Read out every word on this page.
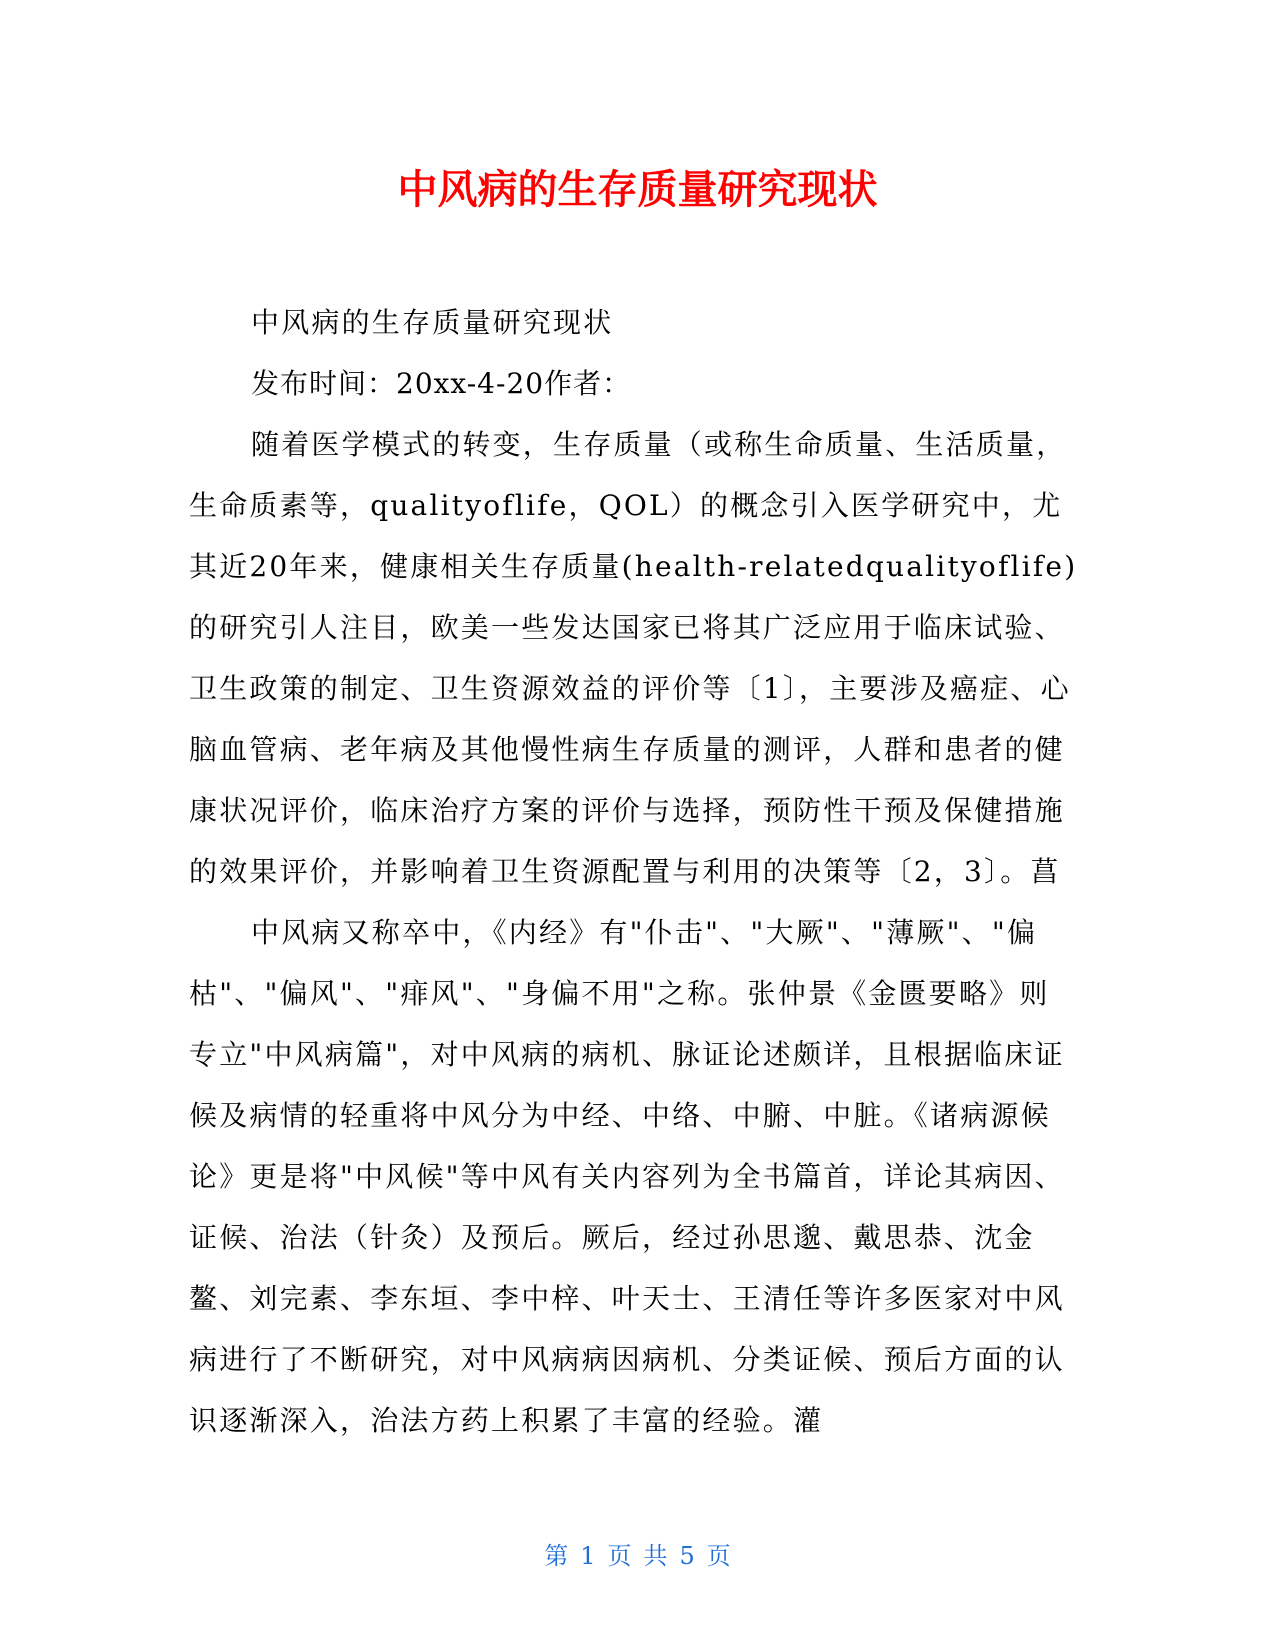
中风病的生存质量研究现状

中风病的生存质量研究现状

发布时间：20xx-4-20作者：

随着医学模式的转变，生存质量（或称生命质量、生活质量，生命质素等，qualityoflife，QOL）的概念引入医学研究中，尤其近20年来，健康相关生存质量(health-relatedqualityoflife)的研究引人注目，欧美一些发达国家已将其广泛应用于临床试验、卫生政策的制定、卫生资源效益的评价等〔1〕，主要涉及癌症、心脑血管病、老年病及其他慢性病生存质量的测评，人群和患者的健康状况评价，临床治疗方案的评价与选择，预防性干预及保健措施的效果评价，并影响着卫生资源配置与利用的决策等〔2，3〕。菖

中风病又称卒中，《内经》有"仆击"、"大厥"、"薄厥"、"偏枯"、"偏风"、"痱风"、"身偏不用"之称。张仲景《金匮要略》则专立"中风病篇"，对中风病的病机、脉证论述颇详，且根据临床证候及病情的轻重将中风分为中经、中络、中腑、中脏。《诸病源候论》更是将"中风候"等中风有关内容列为全书篇首，详论其病因、证候、治法（针灸）及预后。厥后，经过孙思邈、戴思恭、沈金鳌、刘完素、李东垣、李中梓、叶天士、王清任等许多医家对中风病进行了不断研究，对中风病病因病机、分类证候、预后方面的认识逐渐深入，治法方药上积累了丰富的经验。灌

第 1 页 共 5 页
